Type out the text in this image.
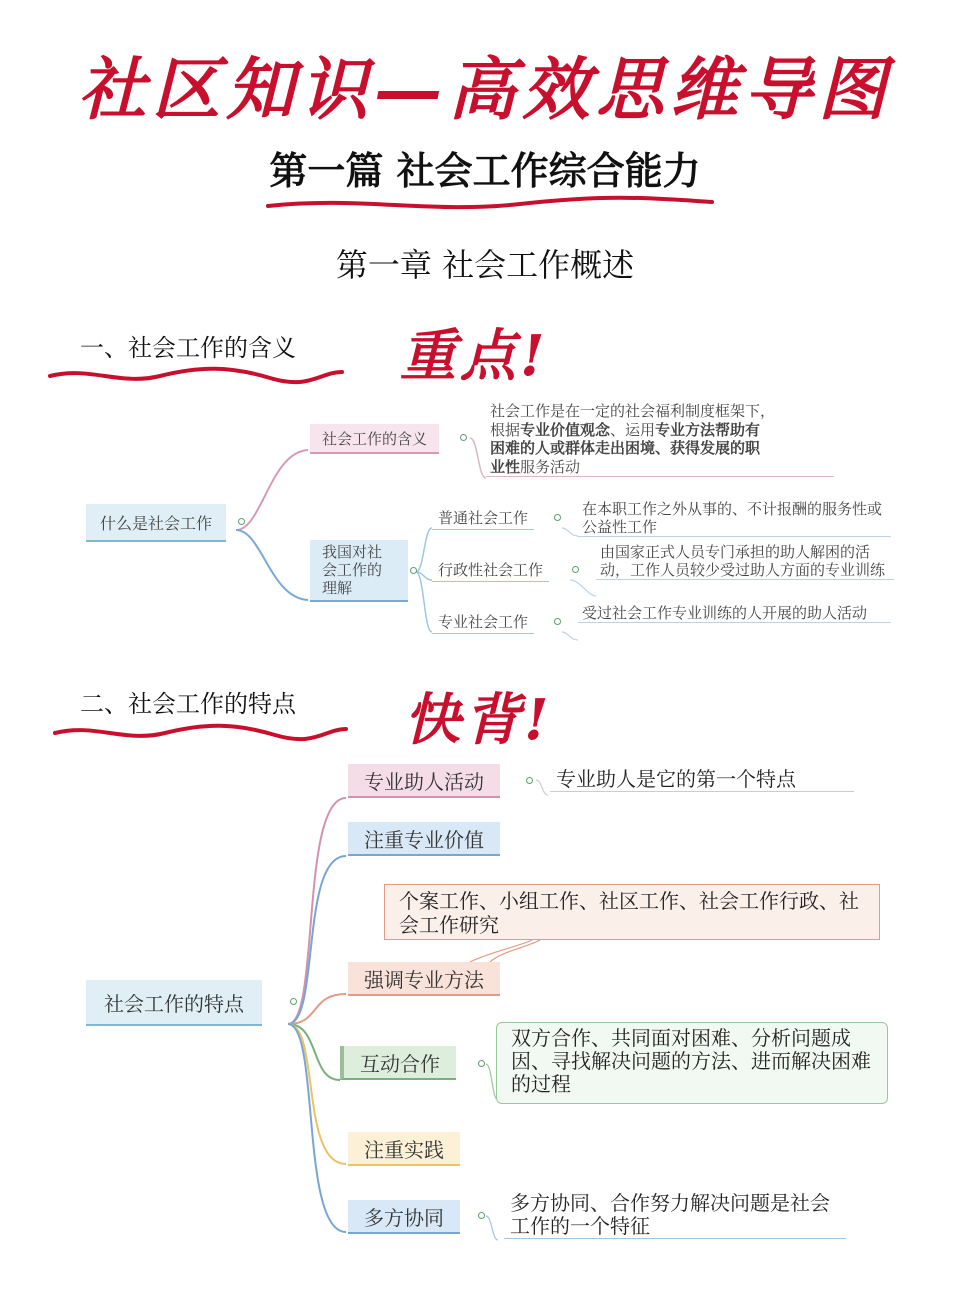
社区知识—高效思维导图
第一篇 社会工作综合能力
第一章 社会工作概述
一、社会工作的含义 重点!
什么是社会工作
社会工作的含义
社会工作是在一定的社会福利制度框架下，
根据专业价值观念、运用专业方法帮助有
困难的人或群体走出困境、获得发展的职
业性服务活动
我国对社会工作的理解
普通社会工作	在本职工作之外从事的、不计报酬的服务性或公益性工作
行政性社会工作
由国家正式人员专门承担的助人解困的活动，工作人员较少受过助人方面的专业训练
专业社会工作	受过社会工作专业训练的人开展的助人活动
二、社会工作的特点 快背!
社会工作的特点
专业助人活动	专业助人是它的第一个特点
注重专业价值
个案工作、小组工作、社区工作、社会工作行政、社会工作研究
强调专业方法
互动合作
双方合作、共同面对困难、分析问题成因、寻找解决问题的方法、进而解决困难的过程
注重实践
多方协同
多方协同、合作努力解决问题是社会工作的一个特征
